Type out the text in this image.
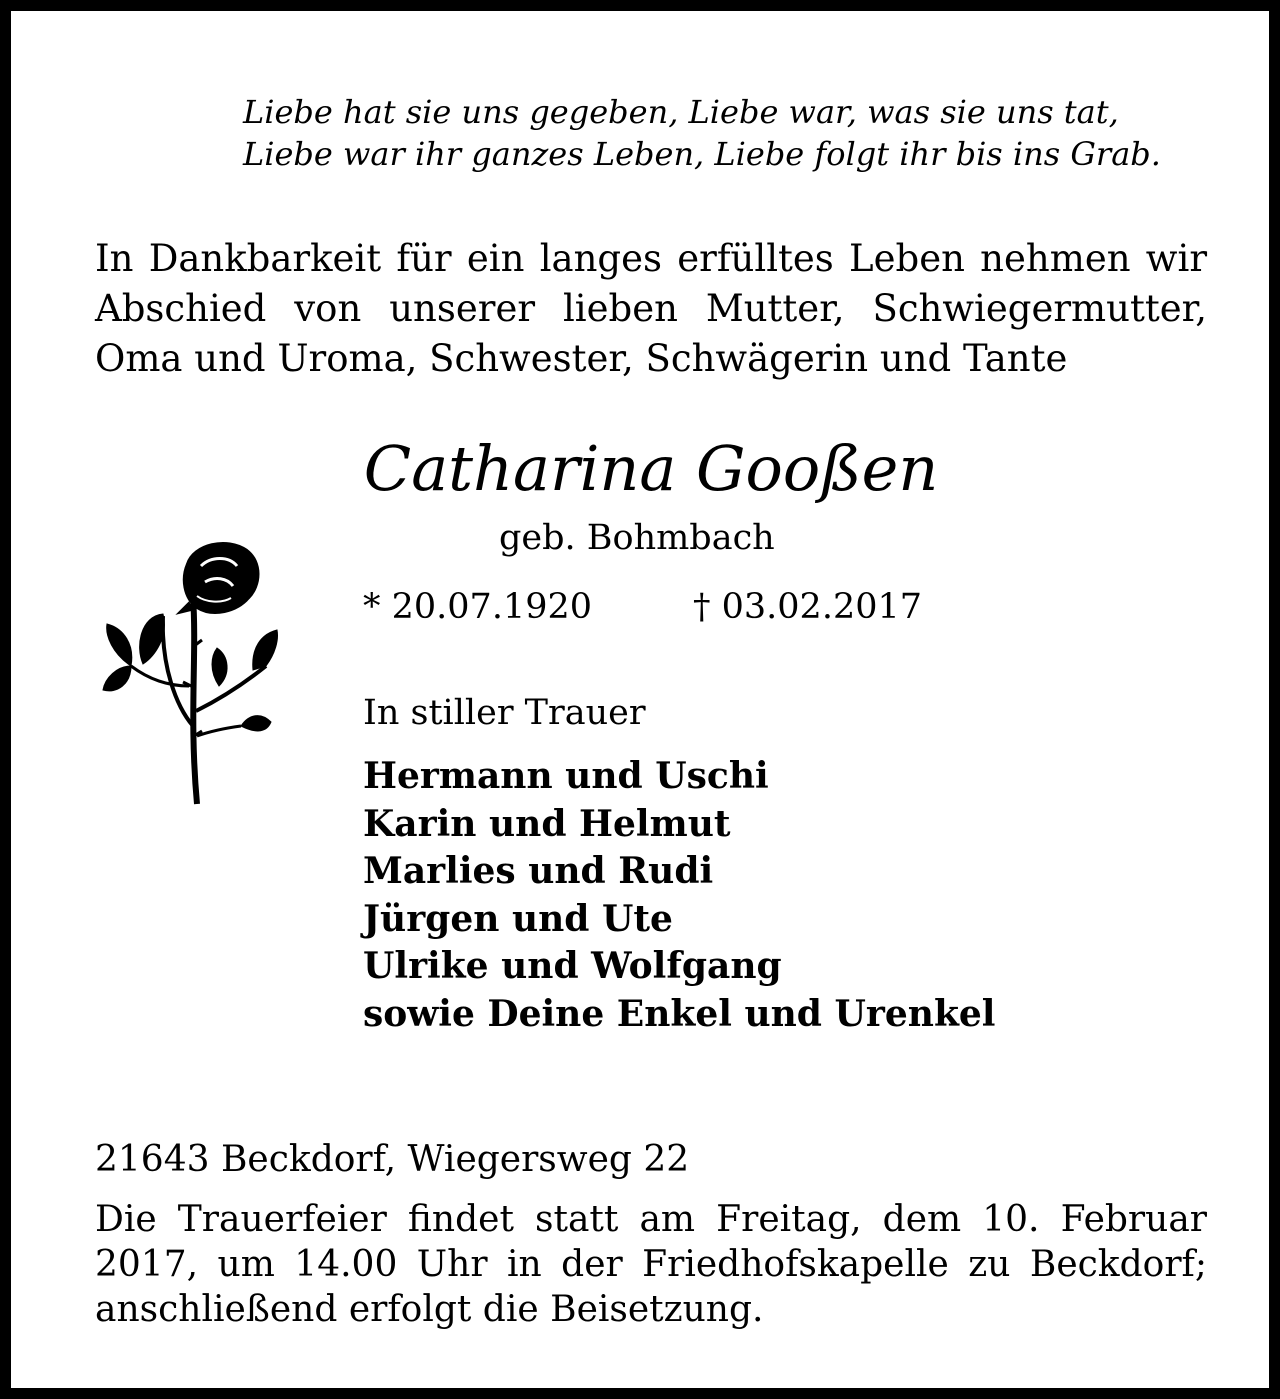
Liebe hat sie uns gegeben, Liebe war, was sie uns tat,
Liebe war ihr ganzes Leben, Liebe folgt ihr bis ins Grab.
In Dankbarkeit für ein langes erfülltes Leben nehmen wir Abschied von unserer lieben Mutter, Schwiegermutter, Oma und Uroma, Schwester, Schwägerin und Tante
Catharina Gooßen
geb. Bohmbach
* 20.07.1920	† 03.02.2017
In stiller Trauer
Hermann und Uschi
Karin und Helmut
Marlies und Rudi
Jürgen und Ute
Ulrike und Wolfgang
sowie Deine Enkel und Urenkel
21643 Beckdorf, Wiegersweg 22
Die Trauerfeier findet statt am Freitag, dem 10. Februar 2017, um 14.00 Uhr in der Friedhofskapelle zu Beckdorf; anschließend erfolgt die Beisetzung.
